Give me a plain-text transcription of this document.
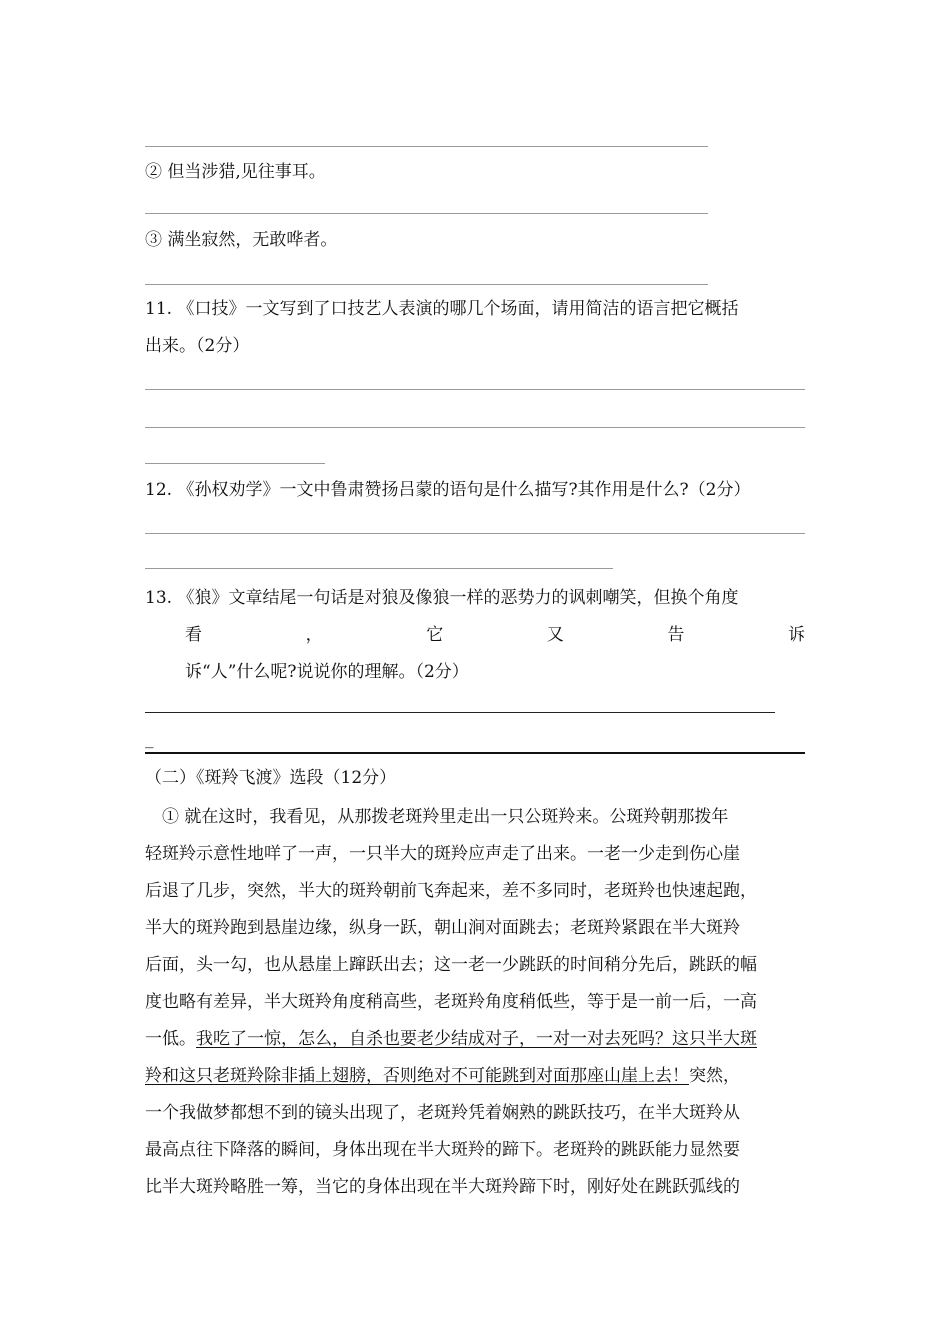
② 但当涉猎,见往事耳。
③ 满坐寂然，无敢哗者。
11. 《口技》一文写到了口技艺人表演的哪几个场面，请用简洁的语言把它概括
出来。（2分）
12. 《孙权劝学》一文中鲁肃赞扬吕蒙的语句是什么描写?其作用是什么?（2分）
13. 《狼》文章结尾一句话是对狼及像狼一样的恶势力的讽刺嘲笑，但换个角度
看	，	它	又	告	诉
诉“人”什么呢?说说你的理解。（2分）
_
（二）《斑羚飞渡》选段（12分）
　① 就在这时，我看见，从那拨老斑羚里走出一只公斑羚来。公斑羚朝那拨年
轻斑羚示意性地咩了一声，一只半大的斑羚应声走了出来。一老一少走到伤心崖
后退了几步，突然，半大的斑羚朝前飞奔起来，差不多同时，老斑羚也快速起跑，
半大的斑羚跑到悬崖边缘，纵身一跃，朝山涧对面跳去；老斑羚紧跟在半大斑羚
后面，头一勾，也从悬崖上蹿跃出去；这一老一少跳跃的时间稍分先后，跳跃的幅
度也略有差异，半大斑羚角度稍高些，老斑羚角度稍低些，等于是一前一后，一高
一低。我吃了一惊，怎么，自杀也要老少结成对子，一对一对去死吗？这只半大斑
羚和这只老斑羚除非插上翅膀，否则绝对不可能跳到对面那座山崖上去！突然，
一个我做梦都想不到的镜头出现了，老斑羚凭着娴熟的跳跃技巧，在半大斑羚从
最高点往下降落的瞬间，身体出现在半大斑羚的蹄下。老斑羚的跳跃能力显然要
比半大斑羚略胜一筹，当它的身体出现在半大斑羚蹄下时，刚好处在跳跃弧线的
